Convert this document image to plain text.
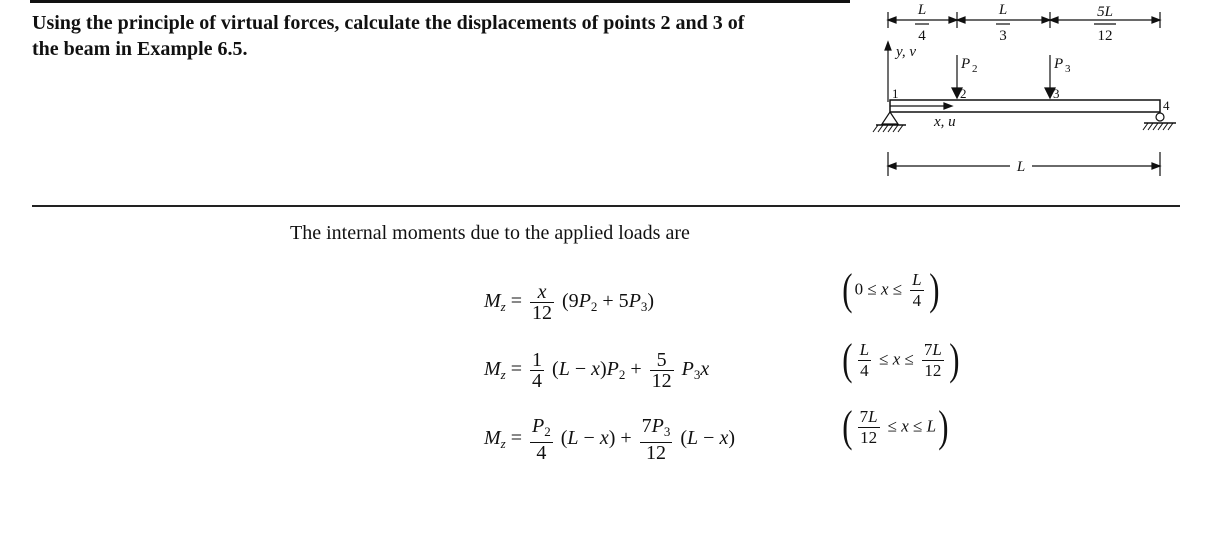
Using the principle of virtual forces, calculate the displacements of points 2 and 3 of
the beam in Example 6.5.
L
4
L
3
5L
12
y, v
x, u
P 2	P 3
1	2	3
4
L
The internal moments due to the applied loads are
$M_z = \frac{x}{12} (9P_2 + 5P_3)$	( $0 \le x \le \frac{L}{4}$ )
$M_z = \frac{1}{4} (L - x)P_2 + \frac{5}{12} P_3x$	( $\frac{L}{4} \le x \le \frac{7L}{12}$ )
$M_z = \frac{P_2}{4} (L - x) + \frac{7P_3}{12} (L - x)$ ( $\frac{7L}{12} \le x \le L$)
